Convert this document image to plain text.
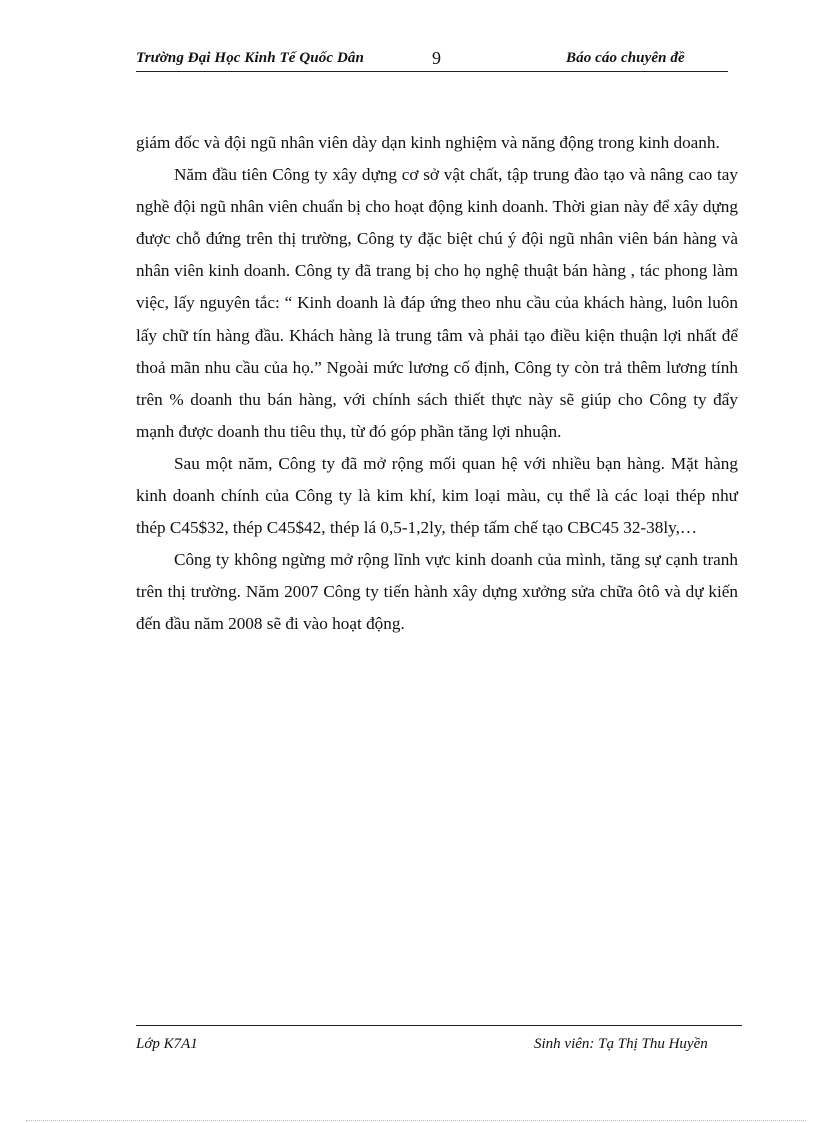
Trường Đại Học Kinh Tế Quốc Dân	9	Báo cáo chuyên đề

giám đốc và đội ngũ nhân viên dày dạn kinh nghiệm và năng động trong kinh doanh.

Năm đầu tiên Công ty xây dựng cơ sở vật chất, tập trung đào tạo và nâng cao tay nghề đội ngũ nhân viên chuẩn bị cho hoạt động kinh doanh. Thời gian này để xây dựng được chỗ đứng trên thị trường, Công ty đặc biệt chú ý đội ngũ nhân viên bán hàng và nhân viên kinh doanh. Công ty đã trang bị cho họ nghệ thuật bán hàng , tác phong làm việc, lấy nguyên tắc: “ Kinh doanh là đáp ứng theo nhu cầu của khách hàng, luôn luôn lấy chữ tín hàng đầu. Khách hàng là trung tâm và phải tạo điều kiện thuận lợi nhất để thoả mãn nhu cầu của họ.” Ngoài mức lương cố định, Công ty còn trả thêm lương tính trên % doanh thu bán hàng, với chính sách thiết thực này sẽ giúp cho Công ty đẩy mạnh được doanh thu tiêu thụ, từ đó góp phần tăng lợi nhuận.

Sau một năm, Công ty đã mở rộng mối quan hệ với nhiều bạn hàng. Mặt hàng kinh doanh chính của Công ty là kim khí, kim loại màu, cụ thể là các loại thép như thép C45$32, thép C45$42, thép lá 0,5-1,2ly, thép tấm chế tạo CBC45 32-38ly,…

Công ty không ngừng mở rộng lĩnh vực kinh doanh của mình, tăng sự cạnh tranh trên thị trường. Năm 2007 Công ty tiến hành xây dựng xưởng sửa chữa ôtô và dự kiến đến đầu năm 2008 sẽ đi vào hoạt động.

Lớp K7A1	Sinh viên: Tạ Thị Thu Huyền
